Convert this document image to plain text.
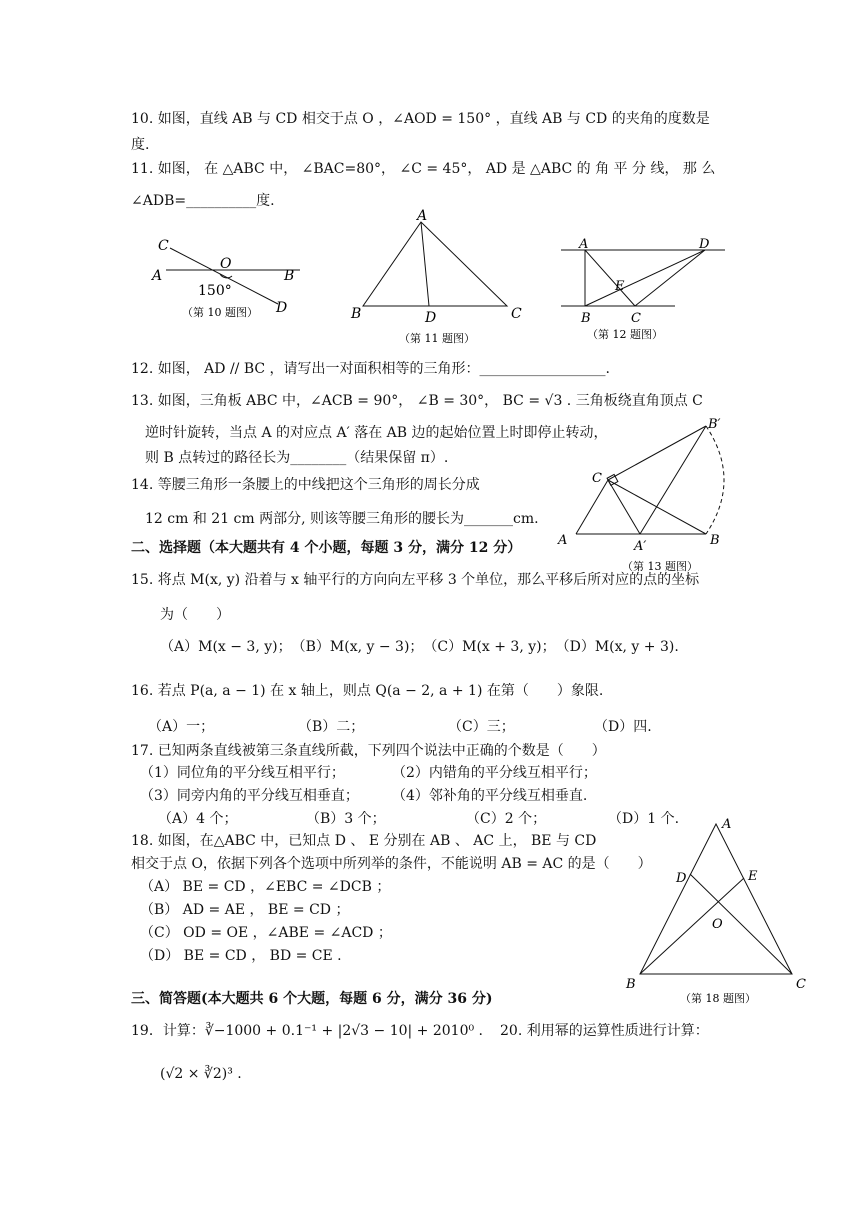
10. 如图，直线 AB 与 CD 相交于点 O ，∠AOD = 150° ，直线 AB 与 CD 的夹角的度数是
度.
11. 如图， 在 △ABC 中， ∠BAC=80°， ∠C = 45°， AD 是 △ABC 的 角 平 分 线， 那 么
∠ADB=__________度.
C
O
A	B
150°
D
（第 10 题图）
A
B	D	C
（第 11 题图）
A	D
E
B	C
（第 12 题图）
12. 如图， AD // BC ，请写出一对面积相等的三角形：__________________.
13. 如图，三角板 ABC 中，∠ACB = 90°， ∠B = 30°， BC = √3 . 三角板绕直角顶点 C
逆时针旋转，当点 A 的对应点 A′ 落在 AB 边的起始位置上时即停止转动，
则 B 点转过的路径长为________（结果保留 π）.
14. 等腰三角形一条腰上的中线把这个三角形的周长分成
12 cm 和 21 cm 两部分, 则该等腰三角形的腰长为_______cm.
B′
C
A	A′	B
（第 13 题图）
二、选择题（本大题共有 4 个小题，每题 3 分，满分 12 分）
15. 将点 M(x, y) 沿着与 x 轴平行的方向向左平移 3 个单位，那么平移后所对应的点的坐标
为（　　）
（A）M(x − 3, y)；　（B）M(x, y − 3)；　（C）M(x + 3, y)；　（D）M(x, y + 3).
16. 若点 P(a, a − 1) 在 x 轴上，则点 Q(a − 2, a + 1) 在第（　　）象限.
（A）一；	（B）二；	（C）三；	（D）四.
17. 已知两条直线被第三条直线所截，下列四个说法中正确的个数是（　　）
（1）同位角的平分线互相平行；	（2）内错角的平分线互相平行；
（3）同旁内角的平分线互相垂直； （4）邻补角的平分线互相垂直.
（A）4 个；	（B）3 个；	（C）2 个；	（D）1 个.
18. 如图，在△ABC 中，已知点 D 、 E 分别在 AB 、 AC 上， BE 与 CD
相交于点 O，依据下列各个选项中所列举的条件，不能说明 AB = AC 的是（　　）
（A） BE = CD ，∠EBC = ∠DCB ；
（B） AD = AE ， BE = CD ；
（C） OD = OE ，∠ABE = ∠ACD ；
（D） BE = CD ， BD = CE .
A
D	E
O
B	C
（第 18 题图）
三、简答题(本大题共 6 个大题，每题 6 分，满分 36 分)
19．计算：∛−1000 + 0.1⁻¹ + |2√3 − 10| + 2010⁰ . 20. 利用幂的运算性质进行计算：
(√2 × ∛2)³ .
